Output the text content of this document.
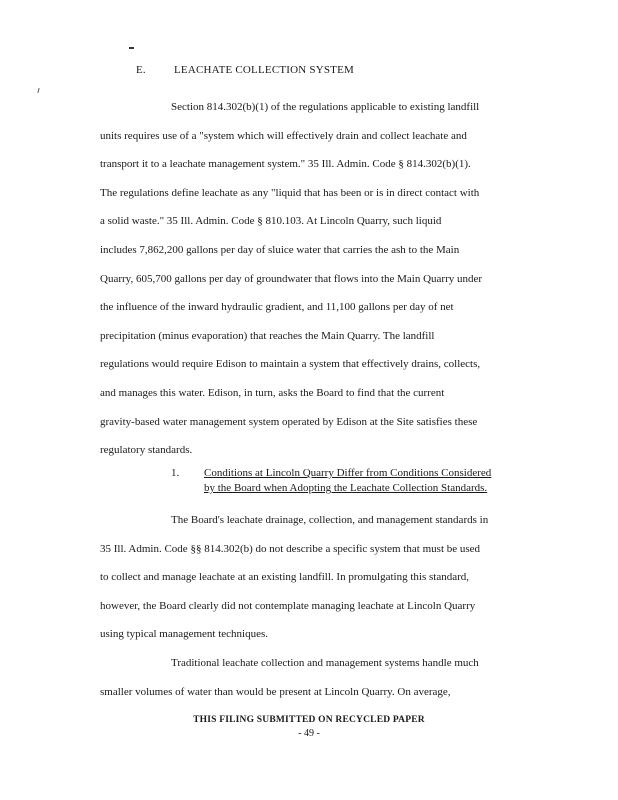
E.	LEACHATE COLLECTION SYSTEM
Section 814.302(b)(1) of the regulations applicable to existing landfill
units requires use of a "system which will effectively drain and collect leachate and
transport it to a leachate management system." 35 Ill. Admin. Code § 814.302(b)(1).
The regulations define leachate as any "liquid that has been or is in direct contact with
a solid waste." 35 Ill. Admin. Code § 810.103. At Lincoln Quarry, such liquid
includes 7,862,200 gallons per day of sluice water that carries the ash to the Main
Quarry, 605,700 gallons per day of groundwater that flows into the Main Quarry under
the influence of the inward hydraulic gradient, and 11,100 gallons per day of net
precipitation (minus evaporation) that reaches the Main Quarry. The landfill
regulations would require Edison to maintain a system that effectively drains, collects,
and manages this water. Edison, in turn, asks the Board to find that the current
gravity-based water management system operated by Edison at the Site satisfies these
regulatory standards.
1. Conditions at Lincoln Quarry Differ from Conditions Considered
by the Board when Adopting the Leachate Collection Standards.
The Board's leachate drainage, collection, and management standards in
35 Ill. Admin. Code §§ 814.302(b) do not describe a specific system that must be used
to collect and manage leachate at an existing landfill. In promulgating this standard,
however, the Board clearly did not contemplate managing leachate at Lincoln Quarry
using typical management techniques.
Traditional leachate collection and management systems handle much
smaller volumes of water than would be present at Lincoln Quarry. On average,
THIS FILING SUBMITTED ON RECYCLED PAPER
- 49 -
